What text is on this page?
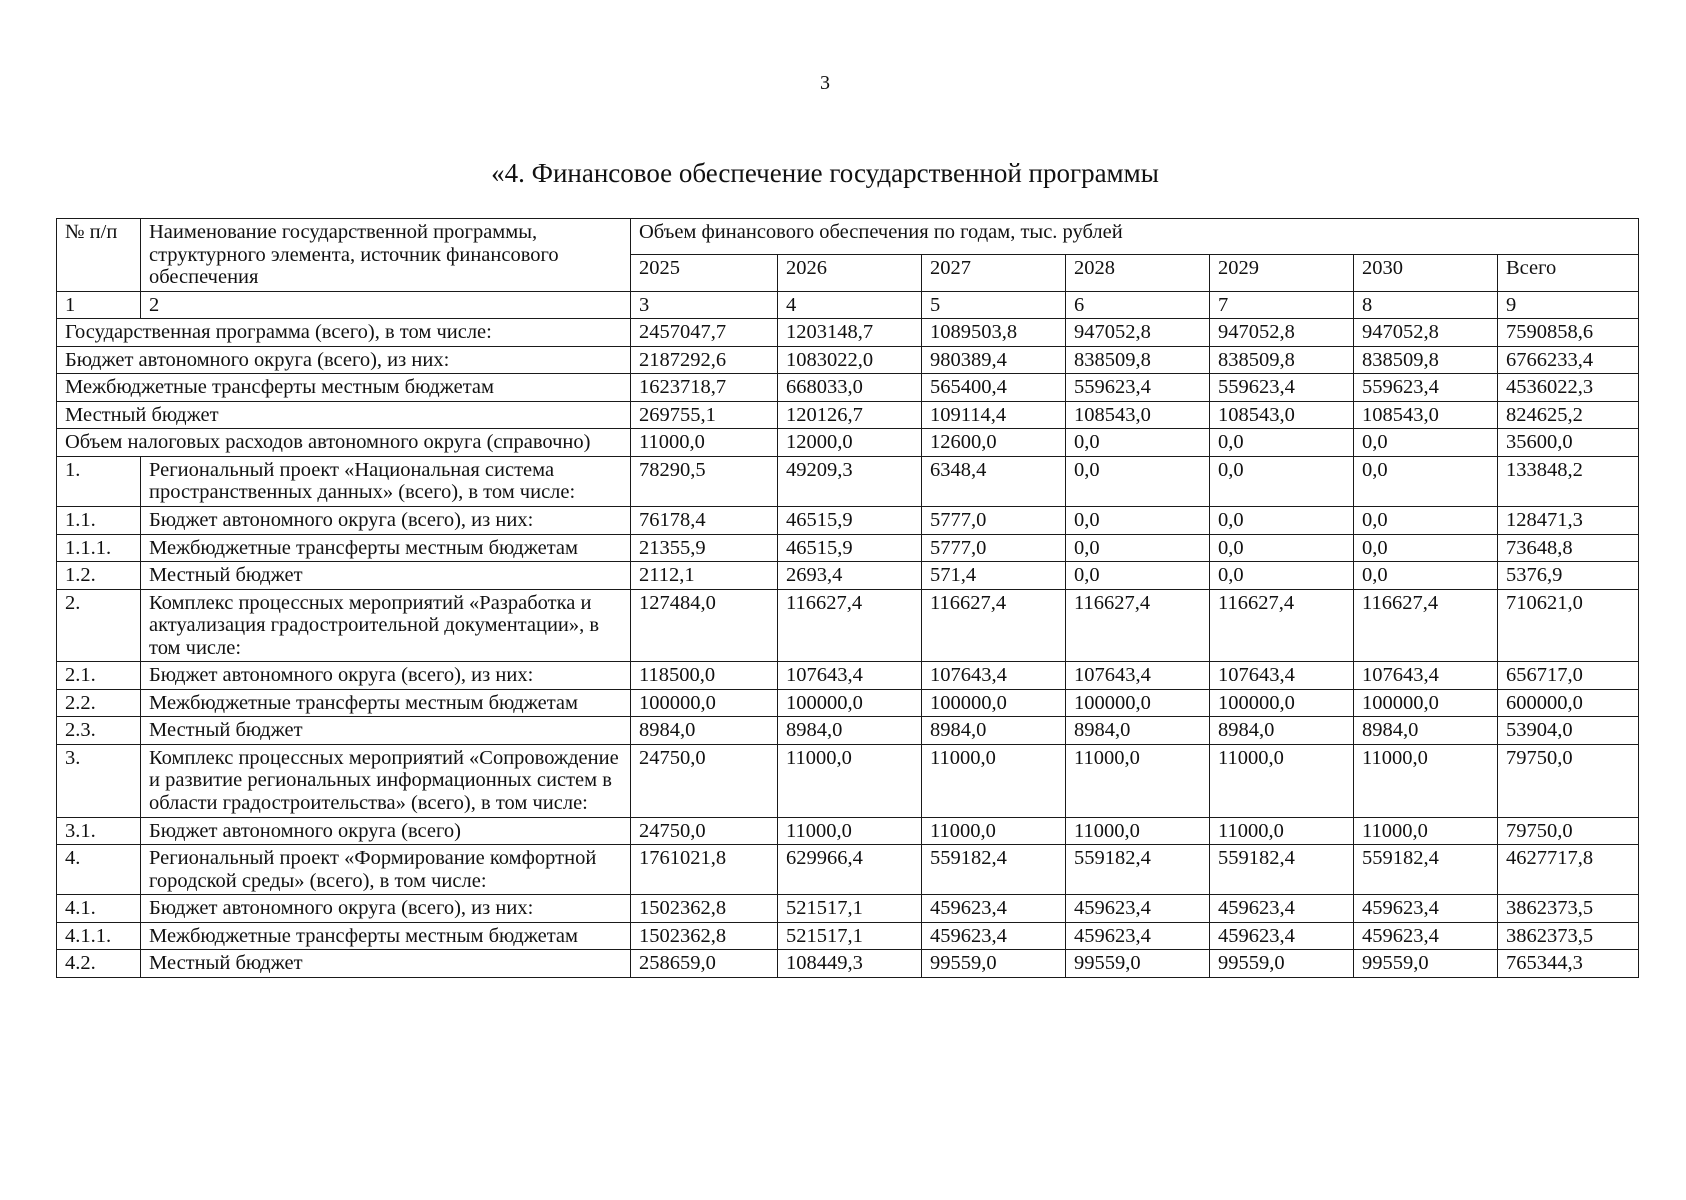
3
«4. Финансовое обеспечение государственной программы
№ п/п	Наименование государственной программы, структурного элемента, источник финансового обеспечения	Объем финансового обеспечения по годам, тыс. рублей						
		2025	2026	2027	2028	2029	2030	Всего
1	2	3	4	5	6	7	8	9
Государственная программа (всего), в том числе:		2457047,7	1203148,7	1089503,8	947052,8	947052,8	947052,8	7590858,6
Бюджет автономного округа (всего), из них:		2187292,6	1083022,0	980389,4	838509,8	838509,8	838509,8	6766233,4
Межбюджетные трансферты местным бюджетам		1623718,7	668033,0	565400,4	559623,4	559623,4	559623,4	4536022,3
Местный бюджет		269755,1	120126,7	109114,4	108543,0	108543,0	108543,0	824625,2
Объем налоговых расходов автономного округа (справочно)		11000,0	12000,0	12600,0	0,0	0,0	0,0	35600,0
1.	Региональный проект «Национальная система пространственных данных» (всего), в том числе:	78290,5	49209,3	6348,4	0,0	0,0	0,0	133848,2
1.1.	Бюджет автономного округа (всего), из них:	76178,4	46515,9	5777,0	0,0	0,0	0,0	128471,3
1.1.1.	Межбюджетные трансферты местным бюджетам	21355,9	46515,9	5777,0	0,0	0,0	0,0	73648,8
1.2.	Местный бюджет	2112,1	2693,4	571,4	0,0	0,0	0,0	5376,9
2.	Комплекс процессных мероприятий «Разработка и актуализация градостроительной документации», в том числе:	127484,0	116627,4	116627,4	116627,4	116627,4	116627,4	710621,0
2.1.	Бюджет автономного округа (всего), из них:	118500,0	107643,4	107643,4	107643,4	107643,4	107643,4	656717,0
2.2.	Межбюджетные трансферты местным бюджетам	100000,0	100000,0	100000,0	100000,0	100000,0	100000,0	600000,0
2.3.	Местный бюджет	8984,0	8984,0	8984,0	8984,0	8984,0	8984,0	53904,0
3.	Комплекс процессных мероприятий «Сопровождение и развитие региональных информационных систем в области градостроительства» (всего), в том числе:	24750,0	11000,0	11000,0	11000,0	11000,0	11000,0	79750,0
3.1.	Бюджет автономного округа (всего)	24750,0	11000,0	11000,0	11000,0	11000,0	11000,0	79750,0
4.	Региональный проект «Формирование комфортной городской среды» (всего), в том числе:	1761021,8	629966,4	559182,4	559182,4	559182,4	559182,4	4627717,8
4.1.	Бюджет автономного округа (всего), из них:	1502362,8	521517,1	459623,4	459623,4	459623,4	459623,4	3862373,5
4.1.1.	Межбюджетные трансферты местным бюджетам	1502362,8	521517,1	459623,4	459623,4	459623,4	459623,4	3862373,5
4.2.	Местный бюджет	258659,0	108449,3	99559,0	99559,0	99559,0	99559,0	765344,3
